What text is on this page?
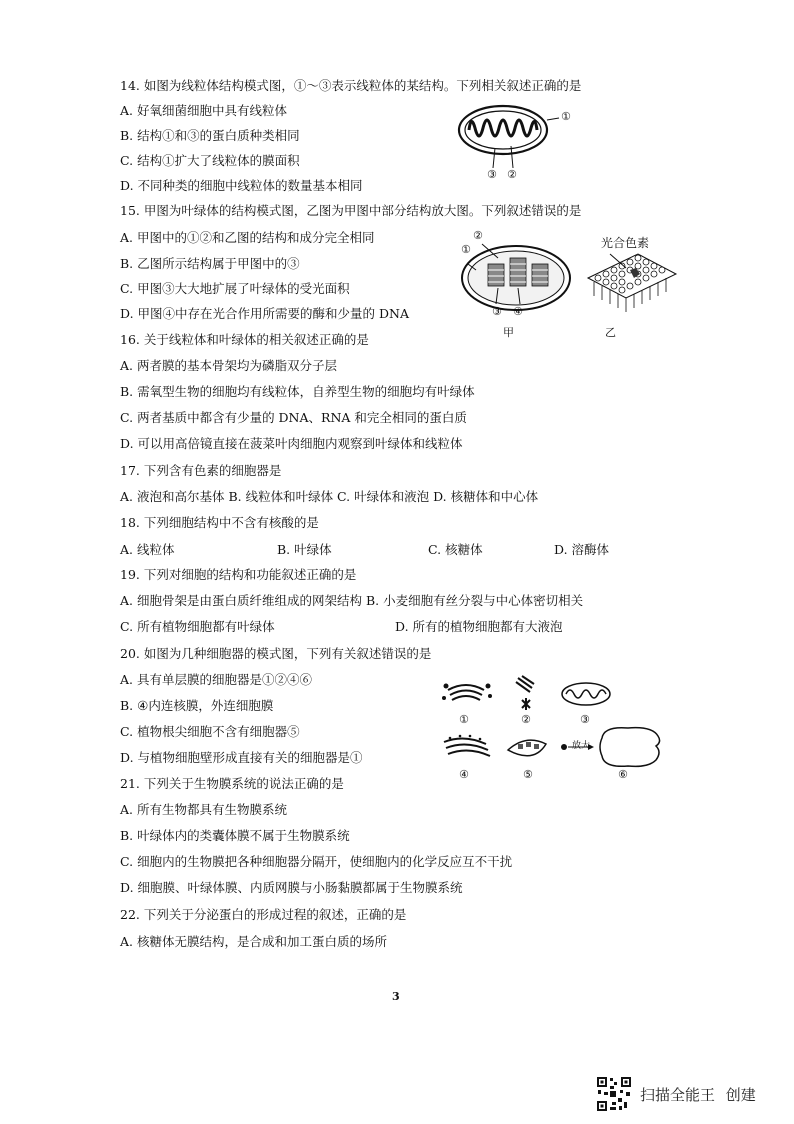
14. 如图为线粒体结构模式图，①～③表示线粒体的某结构。下列相关叙述正确的是
A. 好氧细菌细胞中具有线粒体
B. 结构①和③的蛋白质种类相同
C. 结构①扩大了线粒体的膜面积
D. 不同种类的细胞中线粒体的数量基本相同
①
③ ②
15. 甲图为叶绿体的结构模式图，乙图为甲图中部分结构放大图。下列叙述错误的是
A. 甲图中的①②和乙图的结构和成分完全相同
B. 乙图所示结构属于甲图中的③
C. 甲图③大大地扩展了叶绿体的受光面积
D. 甲图④中存在光合作用所需要的酶和少量的 DNA
②
①
③ ④
甲
光合色素
乙
16. 关于线粒体和叶绿体的相关叙述正确的是
A. 两者膜的基本骨架均为磷脂双分子层
B. 需氧型生物的细胞均有线粒体，自养型生物的细胞均有叶绿体
C. 两者基质中都含有少量的 DNA、RNA 和完全相同的蛋白质
D. 可以用高倍镜直接在菠菜叶肉细胞内观察到叶绿体和线粒体
17. 下列含有色素的细胞器是
A. 液泡和高尔基体 B. 线粒体和叶绿体 C. 叶绿体和液泡 D. 核糖体和中心体
18. 下列细胞结构中不含有核酸的是
A. 线粒体	B. 叶绿体	C. 核糖体	D. 溶酶体
19. 下列对细胞的结构和功能叙述正确的是
A. 细胞骨架是由蛋白质纤维组成的网架结构 B. 小麦细胞有丝分裂与中心体密切相关
C. 所有植物细胞都有叶绿体	D. 所有的植物细胞都有大液泡
20. 如图为几种细胞器的模式图，下列有关叙述错误的是
A. 具有单层膜的细胞器是①②④⑥
B. ④内连核膜，外连细胞膜
C. 植物根尖细胞不含有细胞器⑤
D. 与植物细胞壁形成直接有关的细胞器是①
①	②	③
④	⑤	⑥
放大
21. 下列关于生物膜系统的说法正确的是
A. 所有生物都具有生物膜系统
B. 叶绿体内的类囊体膜不属于生物膜系统
C. 细胞内的生物膜把各种细胞器分隔开，使细胞内的化学反应互不干扰
D. 细胞膜、叶绿体膜、内质网膜与小肠黏膜都属于生物膜系统
22. 下列关于分泌蛋白的形成过程的叙述，正确的是
A. 核糖体无膜结构，是合成和加工蛋白质的场所
3
扫描全能王 创建
